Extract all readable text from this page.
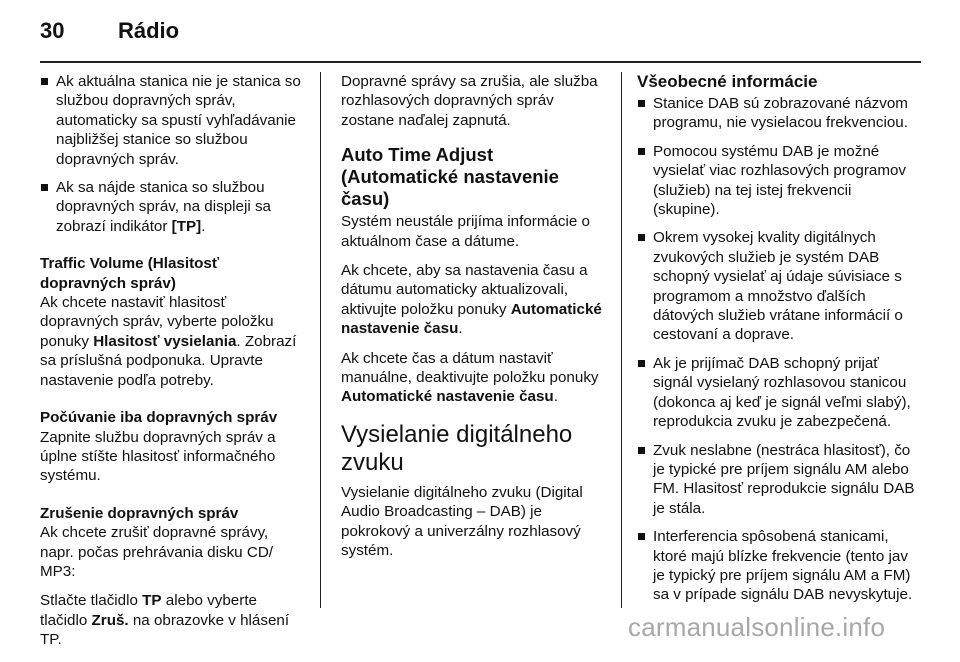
30 Rádio
Ak aktuálna stanica nie je stanica so službou dopravných správ, automaticky sa spustí vyhľadávanie najbližšej stanice so službou dopravných správ.
Ak sa nájde stanica so službou dopravných správ, na displeji sa zobrazí indikátor [TP].

Traffic Volume (Hlasitosť dopravných správ)

Ak chcete nastaviť hlasitosť dopravných správ, vyberte položku ponuky Hlasitosť vysielania. Zobrazí sa príslušná podponuka. Upravte nastavenie podľa potreby.

Počúvanie iba dopravných správ

Zapnite službu dopravných správ a úplne stíšte hlasitosť informačného systému.

Zrušenie dopravných správ

Ak chcete zrušiť dopravné správy, napr. počas prehrávania disku CD/ MP3:

Stlačte tlačidlo TP alebo vyberte tlačidlo Zruš. na obrazovke v hlásení TP.

Dopravné správy sa zrušia, ale služba rozhlasových dopravných správ zostane naďalej zapnutá.

Auto Time Adjust (Automatické nastavenie času)

Systém neustále prijíma informácie o aktuálnom čase a dátume.

Ak chcete, aby sa nastavenia času a dátumu automaticky aktualizovali, aktivujte položku ponuky Automatické nastavenie času.

Ak chcete čas a dátum nastaviť manuálne, deaktivujte položku ponuky Automatické nastavenie času.

Vysielanie digitálneho zvuku

Vysielanie digitálneho zvuku (Digital Audio Broadcasting – DAB) je pokrokový a univerzálny rozhlasový systém.

Všeobecné informácie
Stanice DAB sú zobrazované názvom programu, nie vysielacou frekvenciou.
Pomocou systému DAB je možné vysielať viac rozhlasových programov (služieb) na tej istej frekvencii (skupine).
Okrem vysokej kvality digitálnych zvukových služieb je systém DAB schopný vysielať aj údaje súvisiace s programom a množstvo ďalších dátových služieb vrátane informácií o cestovaní a doprave.
Ak je prijímač DAB schopný prijať signál vysielaný rozhlasovou stanicou (dokonca aj keď je signál veľmi slabý), reprodukcia zvuku je zabezpečená.
Zvuk neslabne (nestráca hlasitosť), čo je typické pre príjem signálu AM alebo FM. Hlasitosť reprodukcie signálu DAB je stála.
Interferencia spôsobená stanicami, ktoré majú blízke frekvencie (tento jav je typický pre príjem signálu AM a FM) sa v prípade signálu DAB nevyskytuje.
carmanualsonline.info
